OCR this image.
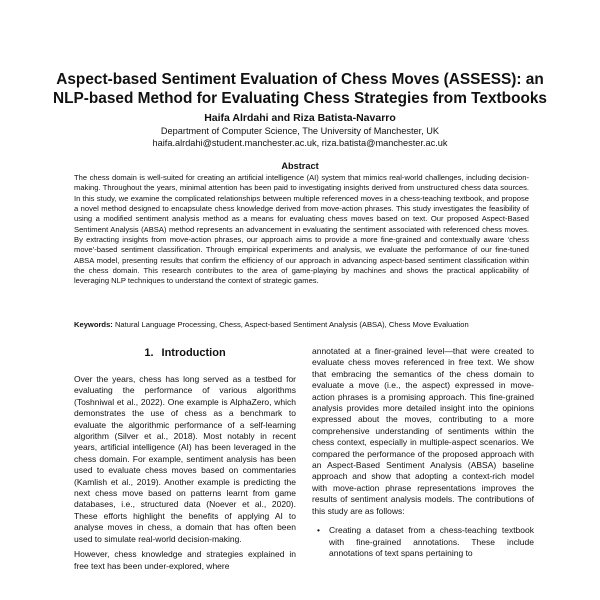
Aspect-based Sentiment Evaluation of Chess Moves (ASSESS): an NLP-based Method for Evaluating Chess Strategies from Textbooks
Haifa Alrdahi and Riza Batista-Navarro
Department of Computer Science, The University of Manchester, UK
haifa.alrdahi@student.manchester.ac.uk, riza.batista@manchester.ac.uk
Abstract
The chess domain is well-suited for creating an artificial intelligence (AI) system that mimics real-world challenges, including decision-making. Throughout the years, minimal attention has been paid to investigating insights derived from unstructured chess data sources. In this study, we examine the complicated relationships between multiple referenced moves in a chess-teaching textbook, and propose a novel method designed to encapsulate chess knowledge derived from move-action phrases. This study investigates the feasibility of using a modified sentiment analysis method as a means for evaluating chess moves based on text. Our proposed Aspect-Based Sentiment Analysis (ABSA) method represents an advancement in evaluating the sentiment associated with referenced chess moves. By extracting insights from move-action phrases, our approach aims to provide a more fine-grained and contextually aware ‘chess move’-based sentiment classification. Through empirical experiments and analysis, we evaluate the performance of our fine-tuned ABSA model, presenting results that confirm the efficiency of our approach in advancing aspect-based sentiment classification within the chess domain. This research contributes to the area of game-playing by machines and shows the practical applicability of leveraging NLP techniques to understand the context of strategic games.
Keywords: Natural Language Processing, Chess, Aspect-based Sentiment Analysis (ABSA), Chess Move Evaluation
1. Introduction

Over the years, chess has long served as a testbed for evaluating the performance of various algorithms (Toshniwal et al., 2022). One example is AlphaZero, which demonstrates the use of chess as a benchmark to evaluate the algorithmic performance of a self-learning algorithm (Silver et al., 2018). Most notably in recent years, artificial intelligence (AI) has been leveraged in the chess domain. For example, sentiment analysis has been used to evaluate chess moves based on commentaries (Kamlish et al., 2019). Another example is predicting the next chess move based on patterns learnt from game databases, i.e., structured data (Noever et al., 2020). These efforts highlight the benefits of applying AI to analyse moves in chess, a domain that has often been used to simulate real-world decision-making.

However, chess knowledge and strategies explained in free text has been under-explored, where

annotated at a finer-grained level—that were created to evaluate chess moves referenced in free text. We show that embracing the semantics of the chess domain to evaluate a move (i.e., the aspect) expressed in move-action phrases is a promising approach. This fine-grained analysis provides more detailed insight into the opinions expressed about the moves, contributing to a more comprehensive understanding of sentiments within the chess context, especially in multiple-aspect scenarios. We compared the performance of the proposed approach with an Aspect-Based Sentiment Analysis (ABSA) baseline approach and show that adopting a context-rich model with move-action phrase representations improves the results of sentiment analysis models. The contributions of this study are as follows:

• Creating a dataset from a chess-teaching textbook with fine-grained annotations. These include annotations of text spans pertaining to
